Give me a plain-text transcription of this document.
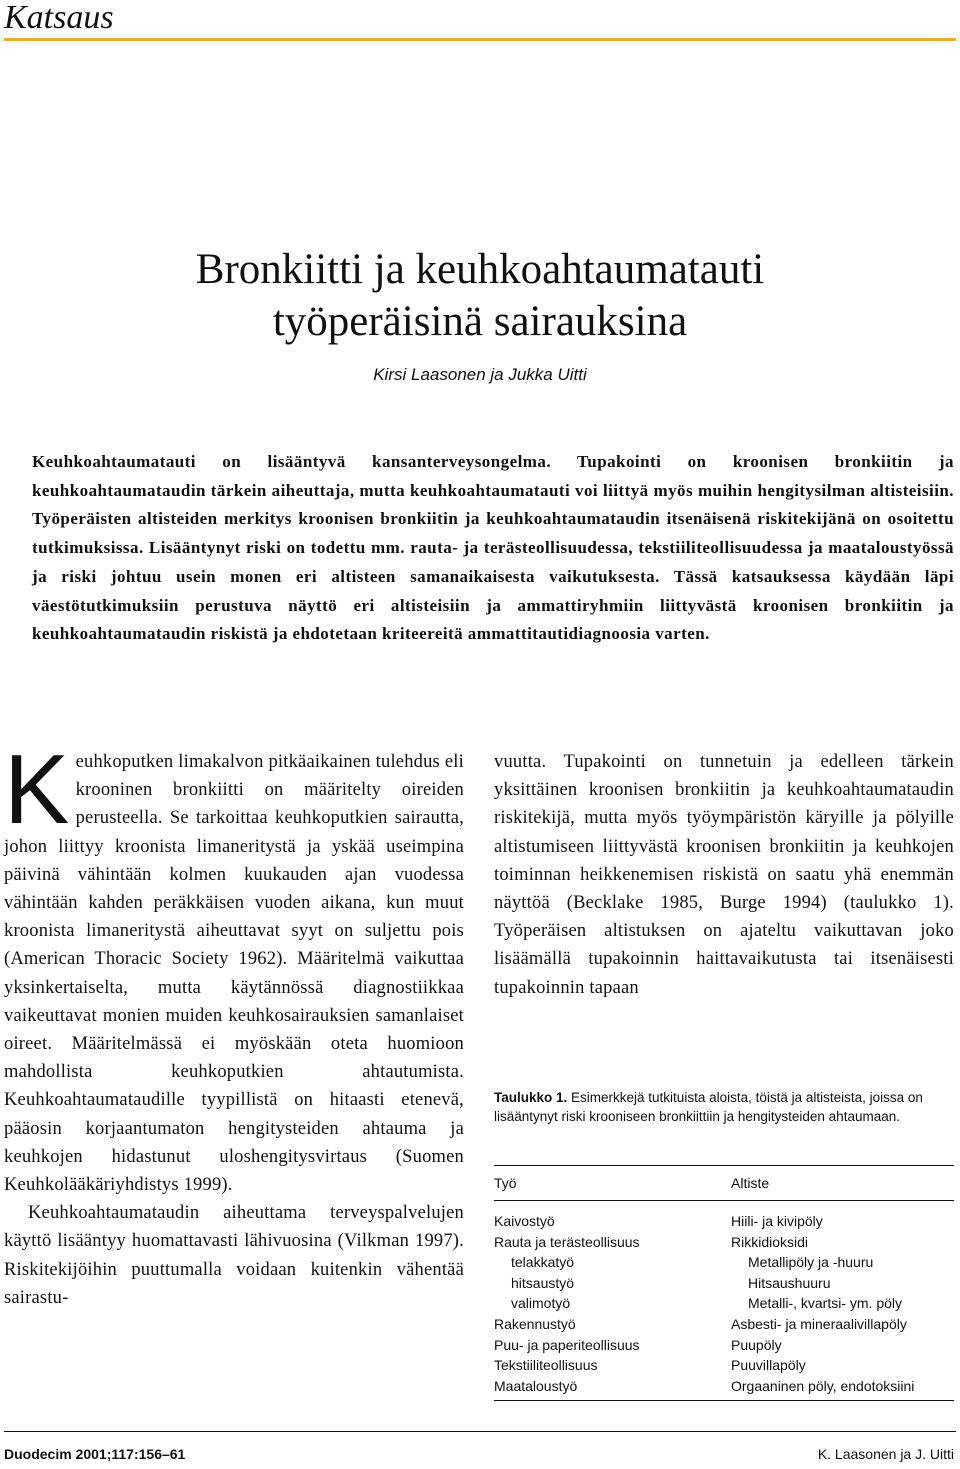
Katsaus
Bronkiitti ja keuhkoahtaumatauti
työperäisinä sairauksina
Kirsi Laasonen ja Jukka Uitti

Keuhkoahtaumatauti on lisääntyvä kansanterveysongelma. Tupakointi on kroonisen bronkiitin ja keuhkoahtaumataudin tärkein aiheuttaja, mutta keuhkoahtaumatauti voi liittyä myös muihin hengitysilman altisteisiin. Työperäisten altisteiden merkitys kroonisen bronkiitin ja keuhkoahtaumataudin itsenäisenä riskitekijänä on osoitettu tutkimuksissa. Lisääntynyt riski on todettu mm. rauta- ja terästeollisuudessa, tekstiiliteollisuudessa ja maataloustyössä ja riski johtuu usein monen eri altisteen samanaikaisesta vaikutuksesta. Tässä katsauksessa käydään läpi väestötutkimuksiin perustuva näyttö eri altisteisiin ja ammattiryhmiin liittyvästä kroonisen bronkiitin ja keuhkoahtaumataudin riskistä ja ehdotetaan kriteereitä ammattitautidiagnoosia varten.

Keuhkoputken limakalvon pitkäaikainen tulehdus eli krooninen bronkiitti on määritelty oireiden perusteella. Se tarkoittaa keuhkoputkien sairautta, johon liittyy kroonista limaneritystä ja yskää useimpina päivinä vähintään kolmen kuukauden ajan vuodessa vähintään kahden peräkkäisen vuoden aikana, kun muut kroonista limaneritystä aiheuttavat syyt on suljettu pois (American Thoracic Society 1962). Määritelmä vaikuttaa yksinkertaiselta, mutta käytännössä diagnostiikkaa vaikeuttavat monien muiden keuhkosairauksien samanlaiset oireet. Määritelmässä ei myöskään oteta huomioon mahdollista keuhkoputkien ahtautumista. Keuhkoahtaumataudille tyypillistä on hitaasti etenevä, pääosin korjaantumaton hengitysteiden ahtauma ja keuhkojen hidastunut uloshengitysvirtaus (Suomen Keuhkolääkäriyhdistys 1999).

Keuhkoahtaumataudin aiheuttama terveyspalvelujen käyttö lisääntyy huomattavasti lähivuosina (Vilkman 1997). Riskitekijöihin puuttumalla voidaan kuitenkin vähentää sairastu-

vuutta. Tupakointi on tunnetuin ja edelleen tärkein yksittäinen kroonisen bronkiitin ja keuhkoahtaumataudin riskitekijä, mutta myös työympäristön käryille ja pölyille altistumiseen liittyvästä kroonisen bronkiitin ja keuhkojen toiminnan heikkenemisen riskistä on saatu yhä enemmän näyttöä (Becklake 1985, Burge 1994) (taulukko 1). Työperäisen altistuksen on ajateltu vaikuttavan joko lisäämällä tupakoinnin haittavaikutusta tai itsenäisesti tupakoinnin tapaan

Taulukko 1. Esimerkkejä tutkituista aloista, töistä ja altisteista, joissa on lisääntynyt riski krooniseen bronkiittiin ja hengitysteiden ahtaumaan.
Työ	Altiste
Kaivostyö	Hiili- ja kivipöly
Rauta ja terästeollisuus	Rikkidioksidi
telakkatyö	Metallipöly ja -huuru
hitsaustyö	Hitsaushuuru
valimotyö	Metalli-, kvartsi- ym. pöly
Rakennustyö	Asbesti- ja mineraalivillapöly
Puu- ja paperiteollisuus	Puupöly
Tekstiiliteollisuus	Puuvillapöly
Maataloustyö	Orgaaninen pöly, endotoksiini
Duodecim 2001;117:156–61	K. Laasonen ja J. Uitti
